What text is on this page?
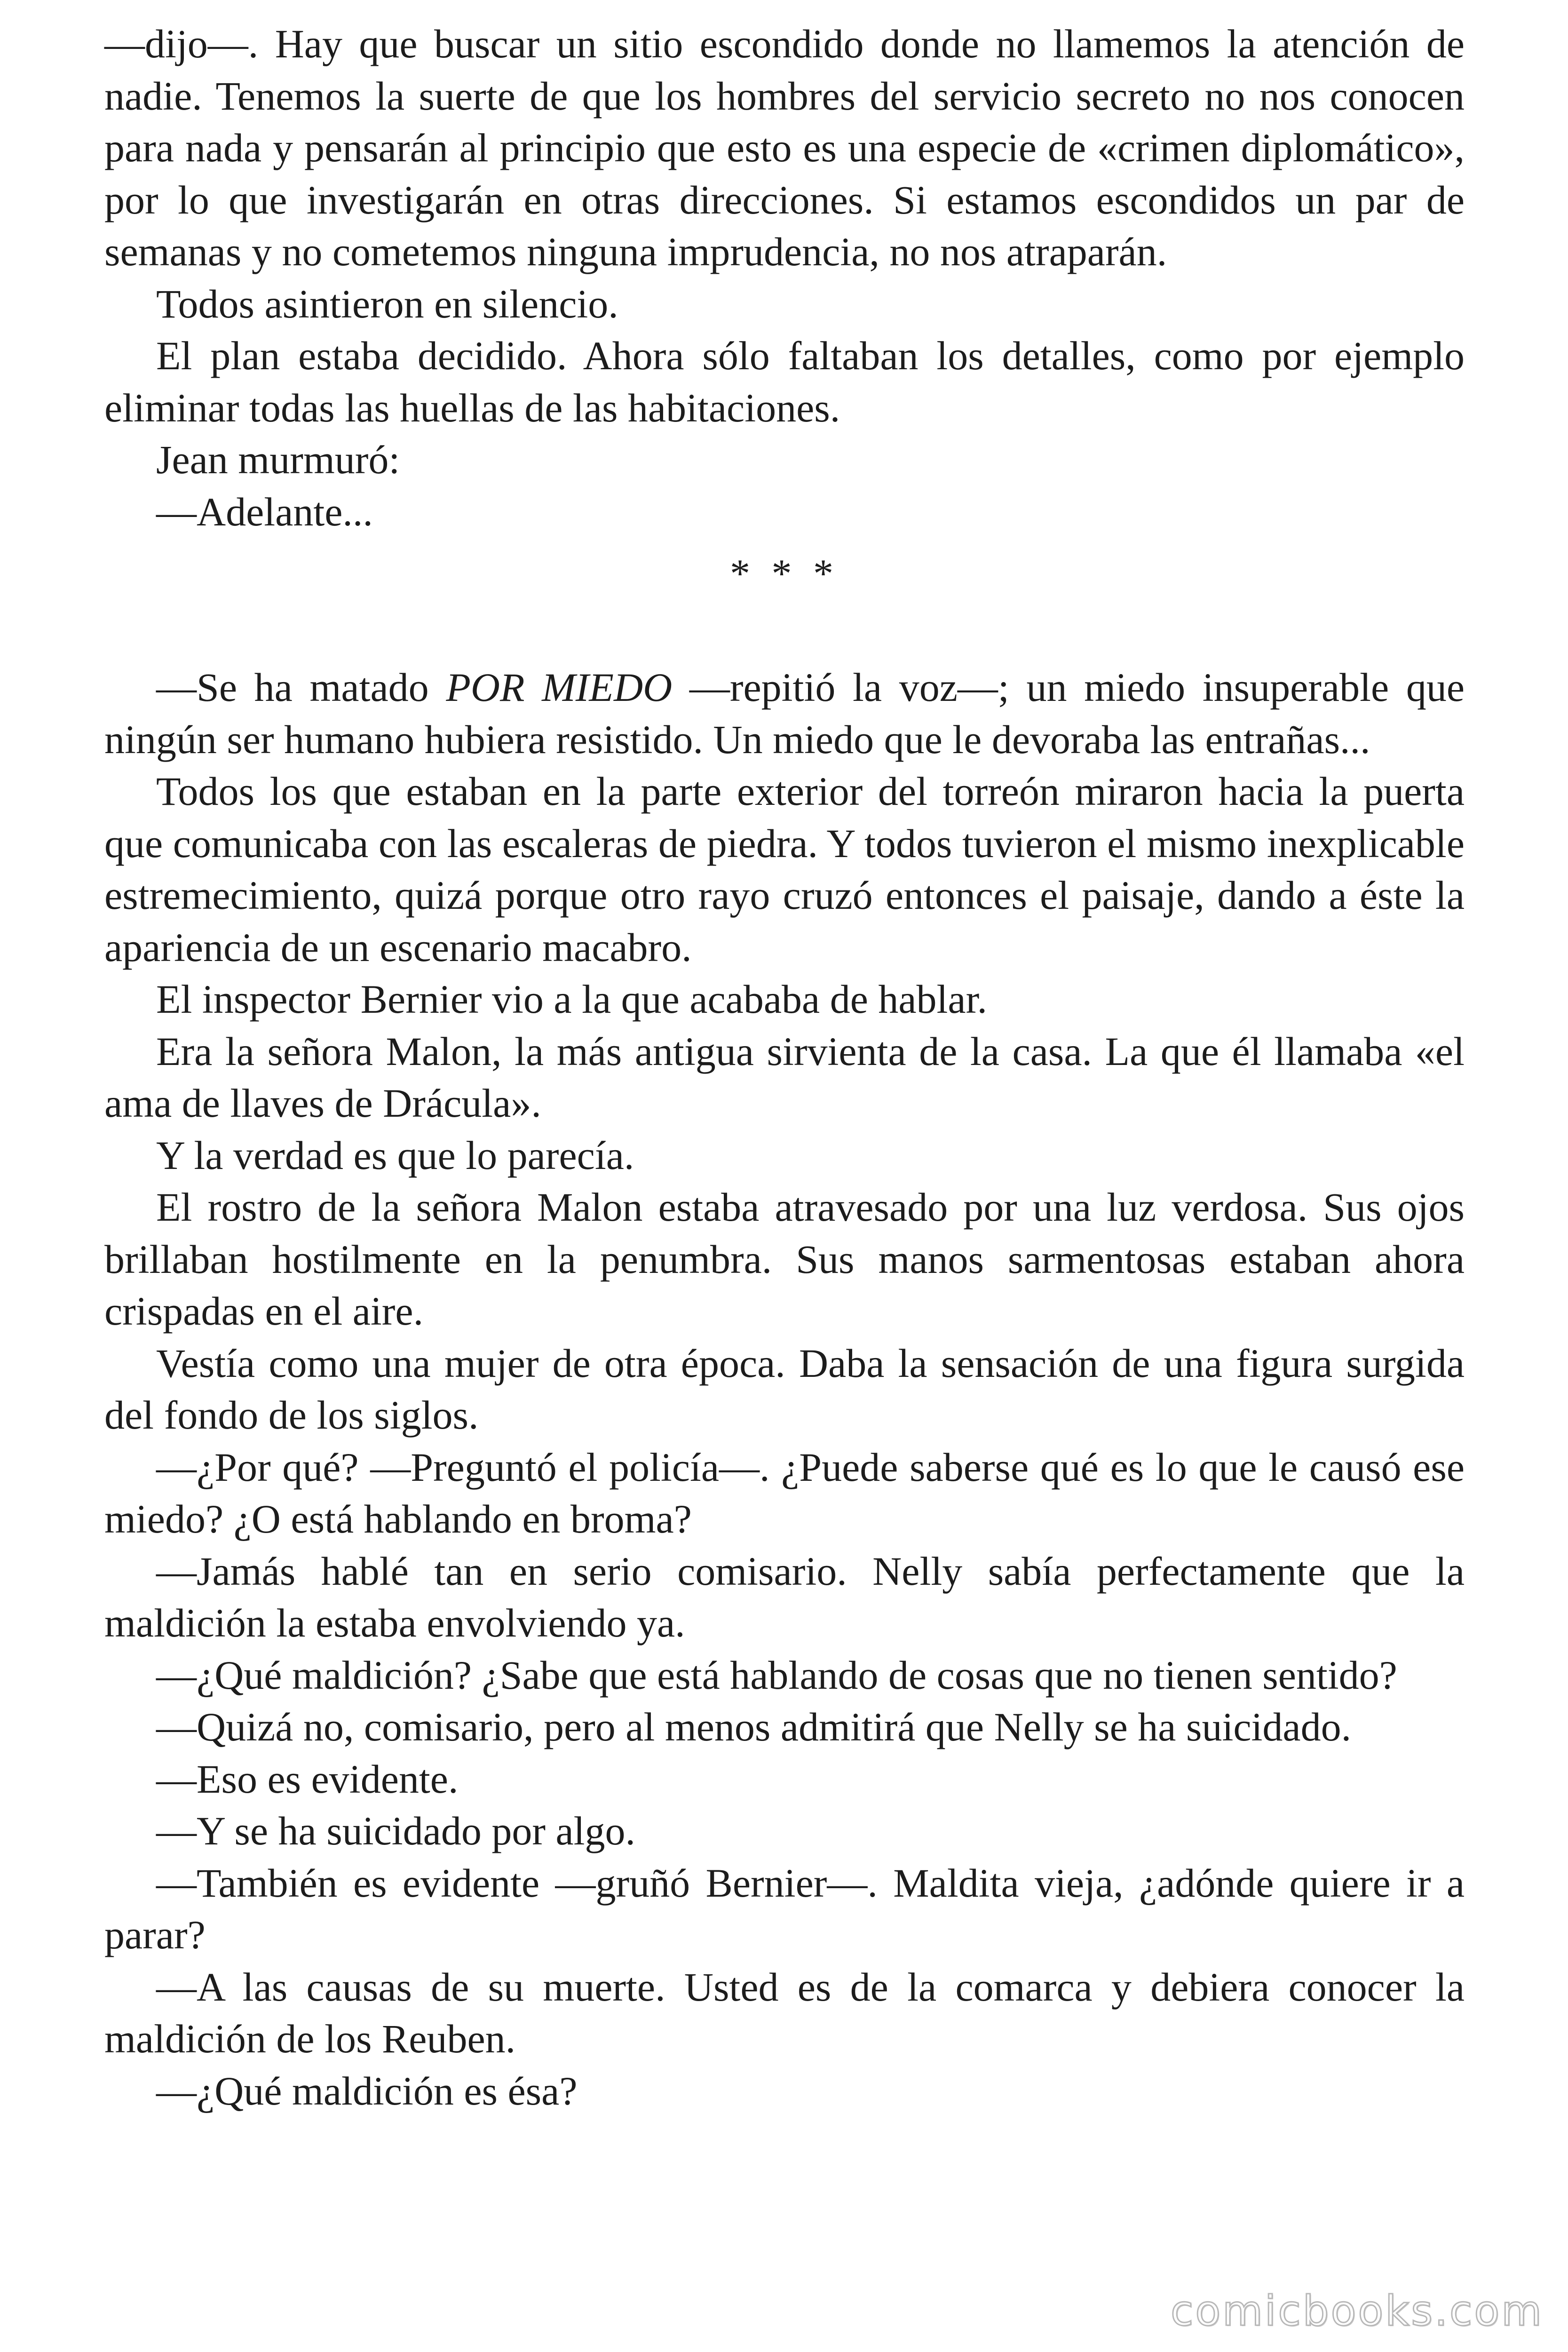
—dijo—. Hay que buscar un sitio escondido donde no llamemos la atención de nadie. Tenemos la suerte de que los hombres del servicio secreto no nos conocen para nada y pensarán al principio que esto es una especie de «crimen diplomático», por lo que investigarán en otras direcciones. Si estamos escondidos un par de semanas y no cometemos ninguna imprudencia, no nos atraparán.

Todos asintieron en silencio.

El plan estaba decidido. Ahora sólo faltaban los detalles, como por ejemplo eliminar todas las huellas de las habitaciones.

Jean murmuró:

—Adelante...

* * *

—Se ha matado POR MIEDO —repitió la voz—; un miedo insuperable que ningún ser humano hubiera resistido. Un miedo que le devoraba las entrañas...

Todos los que estaban en la parte exterior del torreón miraron hacia la puerta que comunicaba con las escaleras de piedra. Y todos tuvieron el mismo inexplicable estremecimiento, quizá porque otro rayo cruzó entonces el paisaje, dando a éste la apariencia de un escenario macabro.

El inspector Bernier vio a la que acababa de hablar.

Era la señora Malon, la más antigua sirvienta de la casa. La que él llamaba «el ama de llaves de Drácula».

Y la verdad es que lo parecía.

El rostro de la señora Malon estaba atravesado por una luz verdosa. Sus ojos brillaban hostilmente en la penumbra. Sus manos sarmentosas estaban ahora crispadas en el aire.

Vestía como una mujer de otra época. Daba la sensación de una figura surgida del fondo de los siglos.

—¿Por qué? —Preguntó el policía—. ¿Puede saberse qué es lo que le causó ese miedo? ¿O está hablando en broma?

—Jamás hablé tan en serio comisario. Nelly sabía perfectamente que la maldición la estaba envolviendo ya.

—¿Qué maldición? ¿Sabe que está hablando de cosas que no tienen sentido?

—Quizá no, comisario, pero al menos admitirá que Nelly se ha suicidado.

—Eso es evidente.

—Y se ha suicidado por algo.

—También es evidente —gruñó Bernier—. Maldita vieja, ¿adónde quiere ir a parar?

—A las causas de su muerte. Usted es de la comarca y debiera conocer la maldición de los Reuben.

—¿Qué maldición es ésa?

comicbooks.com
